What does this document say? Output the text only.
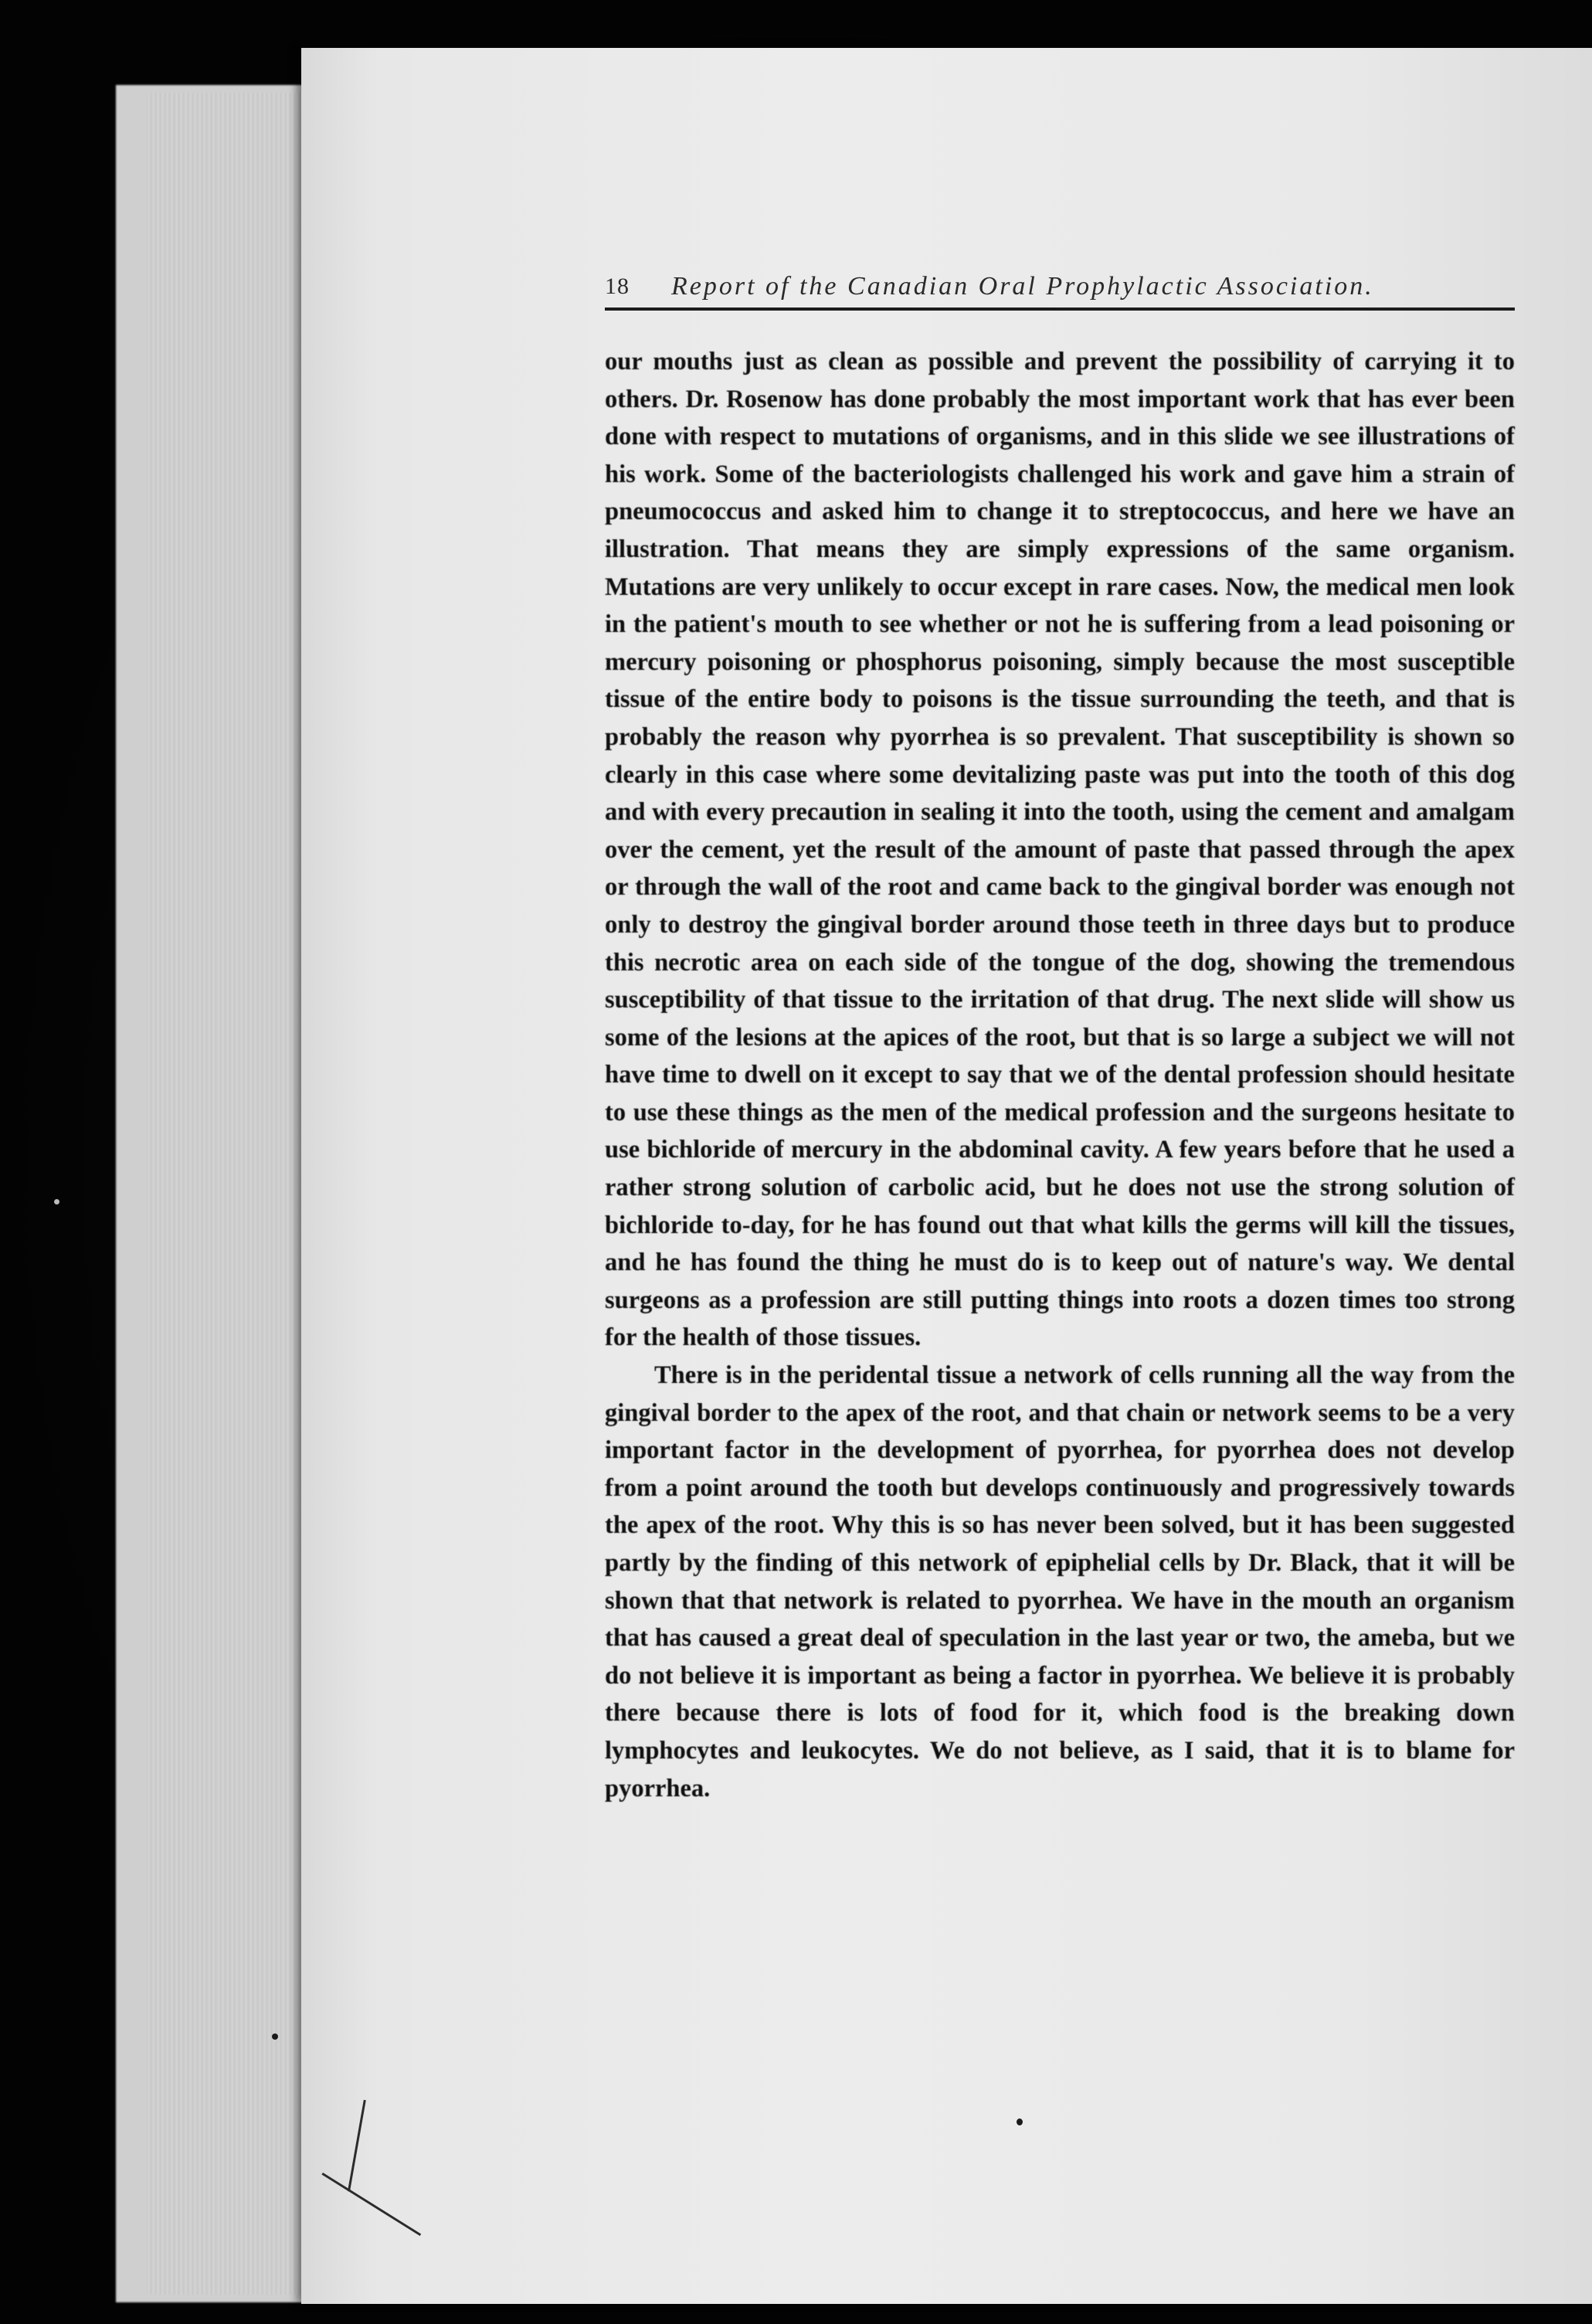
18 Report of the Canadian Oral Prophylactic Association.

our mouths just as clean as possible and prevent the possibility of carrying it to others. Dr. Rosenow has done probably the most important work that has ever been done with respect to mutations of organisms, and in this slide we see illustrations of his work. Some of the bacteriologists challenged his work and gave him a strain of pneumococcus and asked him to change it to streptococcus, and here we have an illustration. That means they are simply expressions of the same organism. Mutations are very unlikely to occur except in rare cases. Now, the medical men look in the patient's mouth to see whether or not he is suffering from a lead poisoning or mercury poisoning or phosphorus poisoning, simply because the most susceptible tissue of the entire body to poisons is the tissue surrounding the teeth, and that is probably the reason why pyorrhea is so prevalent. That susceptibility is shown so clearly in this case where some devitalizing paste was put into the tooth of this dog and with every precaution in sealing it into the tooth, using the cement and amalgam over the cement, yet the result of the amount of paste that passed through the apex or through the wall of the root and came back to the gingival border was enough not only to destroy the gingival border around those teeth in three days but to produce this necrotic area on each side of the tongue of the dog, showing the tremendous susceptibility of that tissue to the irritation of that drug. The next slide will show us some of the lesions at the apices of the root, but that is so large a subject we will not have time to dwell on it except to say that we of the dental profession should hesitate to use these things as the men of the medical profession and the surgeons hesitate to use bichloride of mercury in the abdominal cavity. A few years before that he used a rather strong solution of carbolic acid, but he does not use the strong solution of bichloride to-day, for he has found out that what kills the germs will kill the tissues, and he has found the thing he must do is to keep out of nature's way. We dental surgeons as a profession are still putting things into roots a dozen times too strong for the health of those tissues.

There is in the peridental tissue a network of cells running all the way from the gingival border to the apex of the root, and that chain or network seems to be a very important factor in the development of pyorrhea, for pyorrhea does not develop from a point around the tooth but develops continuously and progressively towards the apex of the root. Why this is so has never been solved, but it has been suggested partly by the finding of this network of epiphelial cells by Dr. Black, that it will be shown that that network is related to pyorrhea. We have in the mouth an organism that has caused a great deal of speculation in the last year or two, the ameba, but we do not believe it is important as being a factor in pyorrhea. We believe it is probably there because there is lots of food for it, which food is the breaking down lymphocytes and leukocytes. We do not believe, as I said, that it is to blame for pyorrhea.
